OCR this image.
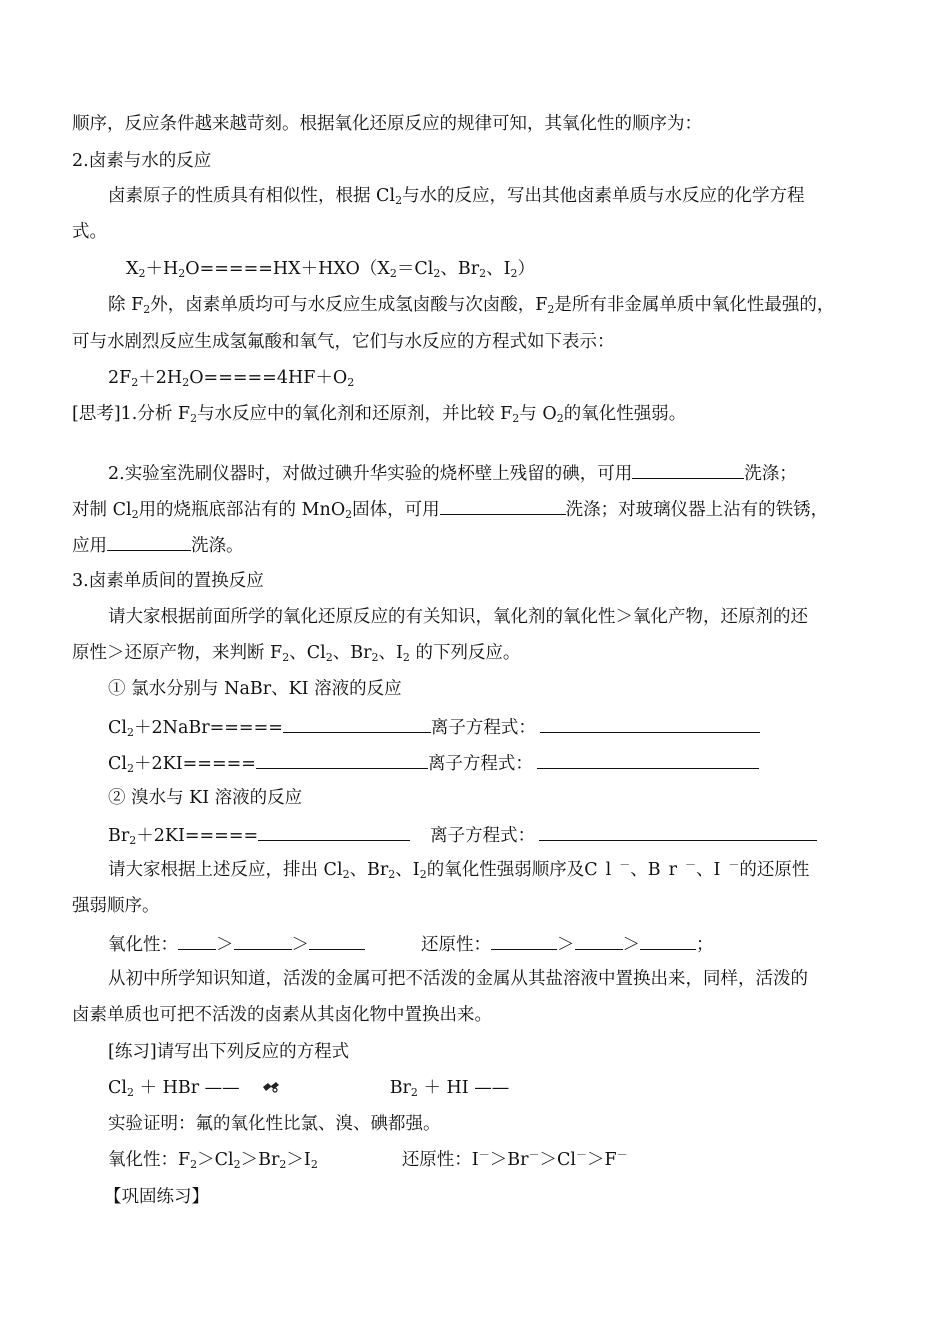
顺序，反应条件越来越苛刻。根据氧化还原反应的规律可知，其氧化性的顺序为：
2.卤素与水的反应
卤素原子的性质具有相似性，根据 $Cl_2$与水的反应，写出其他卤素单质与水反应的化学方程
式。
$X_2+H_2O=====HX+HXO(X_2=Cl_2$、$Br_2$、$I_2$）
除 $F_2$外，卤素单质均可与水反应生成氢卤酸与次卤酸，$F_2$是所有非金属单质中氧化性最强的，
可与水剧烈反应生成氢氟酸和氧气，它们与水反应的方程式如下表示：
$2F_2+2H_2O=====4HF+O_2$
[思考]1.分析 $F_2$与水反应中的氧化剂和还原剂，并比较 $F_2$与 $O_2$的氧化性强弱。
2.实验室洗刷仪器时，对做过碘升华实验的烧杯壁上残留的碘，可用	洗涤；
对制 $Cl_2$用的烧瓶底部沾有的 MnO$_2$固体，可用	洗涤；对玻璃仪器上沾有的铁锈，
应用	洗涤。
3.卤素单质间的置换反应
请大家根据前面所学的氧化还原反应的有关知识，氧化剂的氧化性＞氧化产物，还原剂的还
原性＞还原产物，来判断 $F_2$、$Cl_2$、$Br_2$、$I_2$ 的下列反应。
① 氯水分别与 NaBr、KI 溶液的反应
$Cl_2+2NaBr=====$	离子方程式：
$Cl_2+2KI=====$	离子方程式：
② 溴水与 KI 溶液的反应
$Br_2+2KI=====$	离子方程式：
请大家根据上述反应，排出 $Cl_2$、$Br_2$、$I_2$的氧化性强弱顺序及Cl－、Br－、I－的还原性
强弱顺序。
氧化性： ＞	＞	还原性：	＞	＞	；
从初中所学知识知道，活泼的金属可把不活泼的金属从其盐溶液中置换出来，同样，活泼的
卤素单质也可把不活泼的卤素从其卤化物中置换出来。
[练习]请写出下列反应的方程式
$Cl_2$ ＋ HBr ——	$Br_2$ ＋ HI ——
实验证明：氟的氧化性比氯、溴、碘都强。
氧化性：$F_2>Cl_2>Br_2>I_2$	还原性：I－＞Br－＞Cl－＞F－
【巩固练习】
